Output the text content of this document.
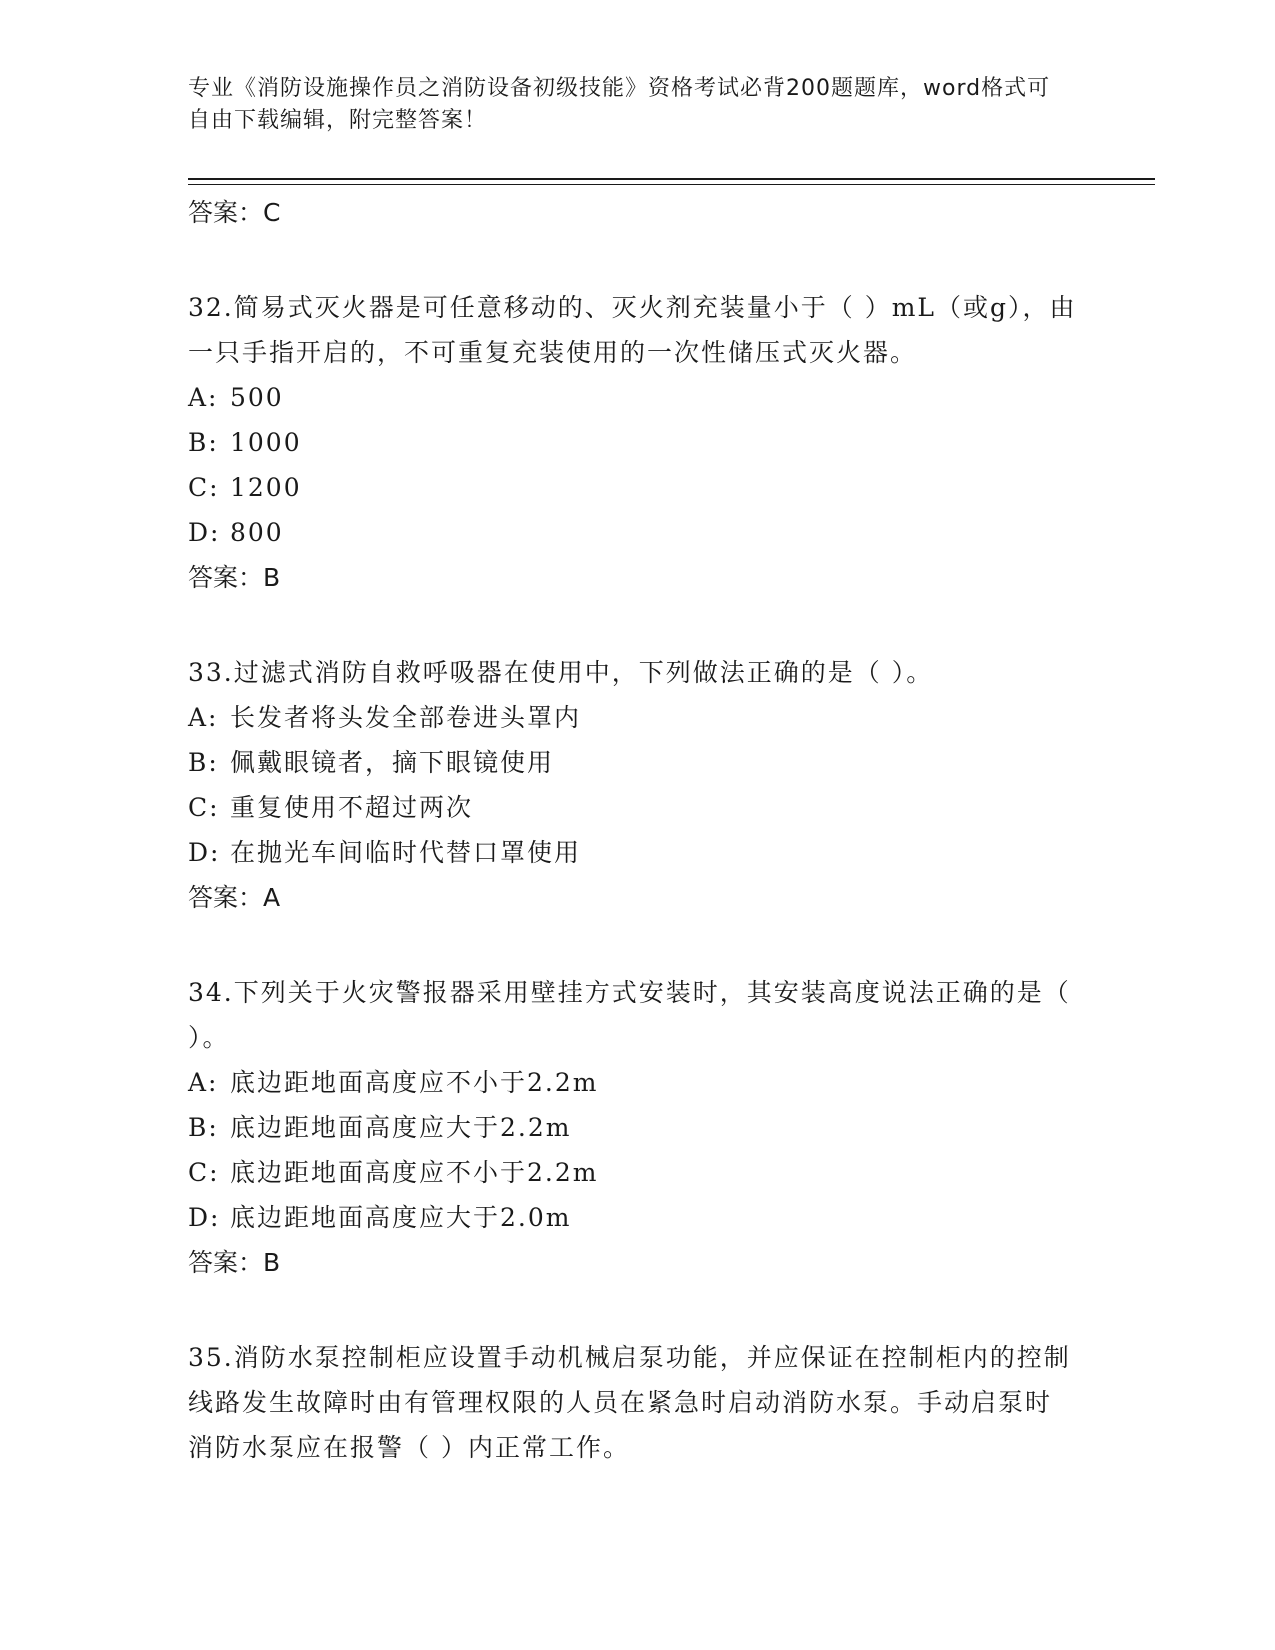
专业《消防设施操作员之消防设备初级技能》资格考试必背200题题库，word格式可自由下载编辑，附完整答案！

答案：C

32.简易式灭火器是可任意移动的、灭火剂充装量小于（ ）mL（或g），由一只手指开启的，不可重复充装使用的一次性储压式灭火器。
A: 500
B: 1000
C: 1200
D: 800

答案：B

33.过滤式消防自救呼吸器在使用中，下列做法正确的是（ ）。
A: 长发者将头发全部卷进头罩内
B: 佩戴眼镜者，摘下眼镜使用
C: 重复使用不超过两次
D: 在抛光车间临时代替口罩使用

答案：A

34.下列关于火灾警报器采用壁挂方式安装时，其安装高度说法正确的是（ ）。
A: 底边距地面高度应不小于2.2m
B: 底边距地面高度应大于2.2m
C: 底边距地面高度应不小于2.2m
D: 底边距地面高度应大于2.0m

答案：B

35.消防水泵控制柜应设置手动机械启泵功能，并应保证在控制柜内的控制线路发生故障时由有管理权限的人员在紧急时启动消防水泵。手动启泵时消防水泵应在报警（ ）内正常工作。
